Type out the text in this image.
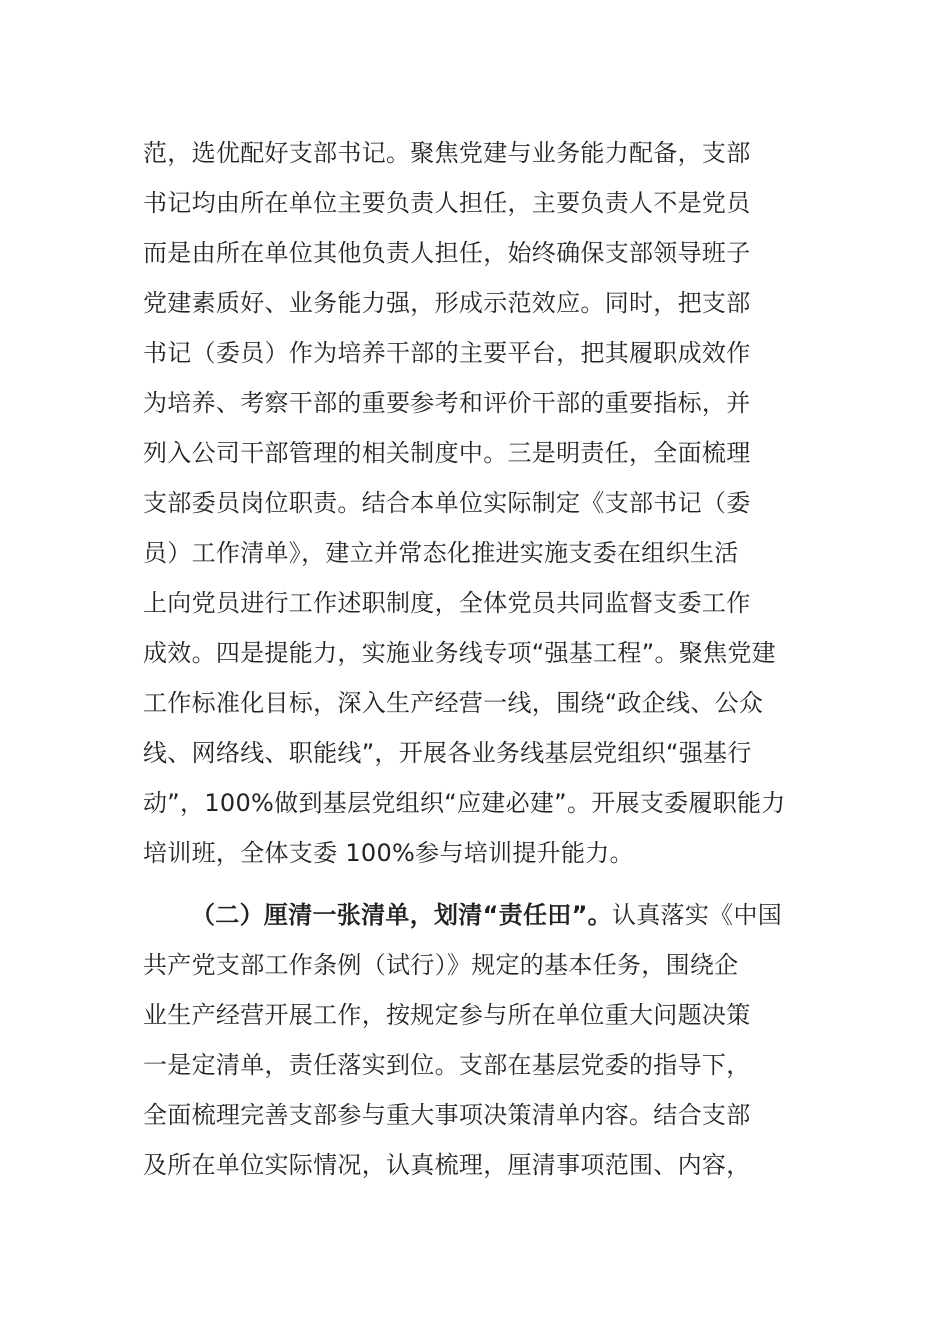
范，选优配好支部书记。聚焦党建与业务能力配备，支部
书记均由所在单位主要负责人担任，主要负责人不是党员
而是由所在单位其他负责人担任，始终确保支部领导班子
党建素质好、业务能力强，形成示范效应。同时，把支部
书记（委员）作为培养干部的主要平台，把其履职成效作
为培养、考察干部的重要参考和评价干部的重要指标，并
列入公司干部管理的相关制度中。三是明责任，全面梳理
支部委员岗位职责。结合本单位实际制定《支部书记（委
员）工作清单》，建立并常态化推进实施支委在组织生活
上向党员进行工作述职制度，全体党员共同监督支委工作
成效。四是提能力，实施业务线专项“强基工程”。聚焦党建
工作标准化目标，深入生产经营一线，围绕“政企线、公众
线、网络线、职能线”，开展各业务线基层党组织“强基行
动”，100%做到基层党组织“应建必建”。开展支委履职能力
培训班，全体支委 100%参与培训提升能力。
（二）厘清一张清单，划清“责任田”。认真落实《中国
共产党支部工作条例（试行）》规定的基本任务，围绕企
业生产经营开展工作，按规定参与所在单位重大问题决策
一是定清单，责任落实到位。支部在基层党委的指导下，
全面梳理完善支部参与重大事项决策清单内容。结合支部
及所在单位实际情况，认真梳理，厘清事项范围、内容，
